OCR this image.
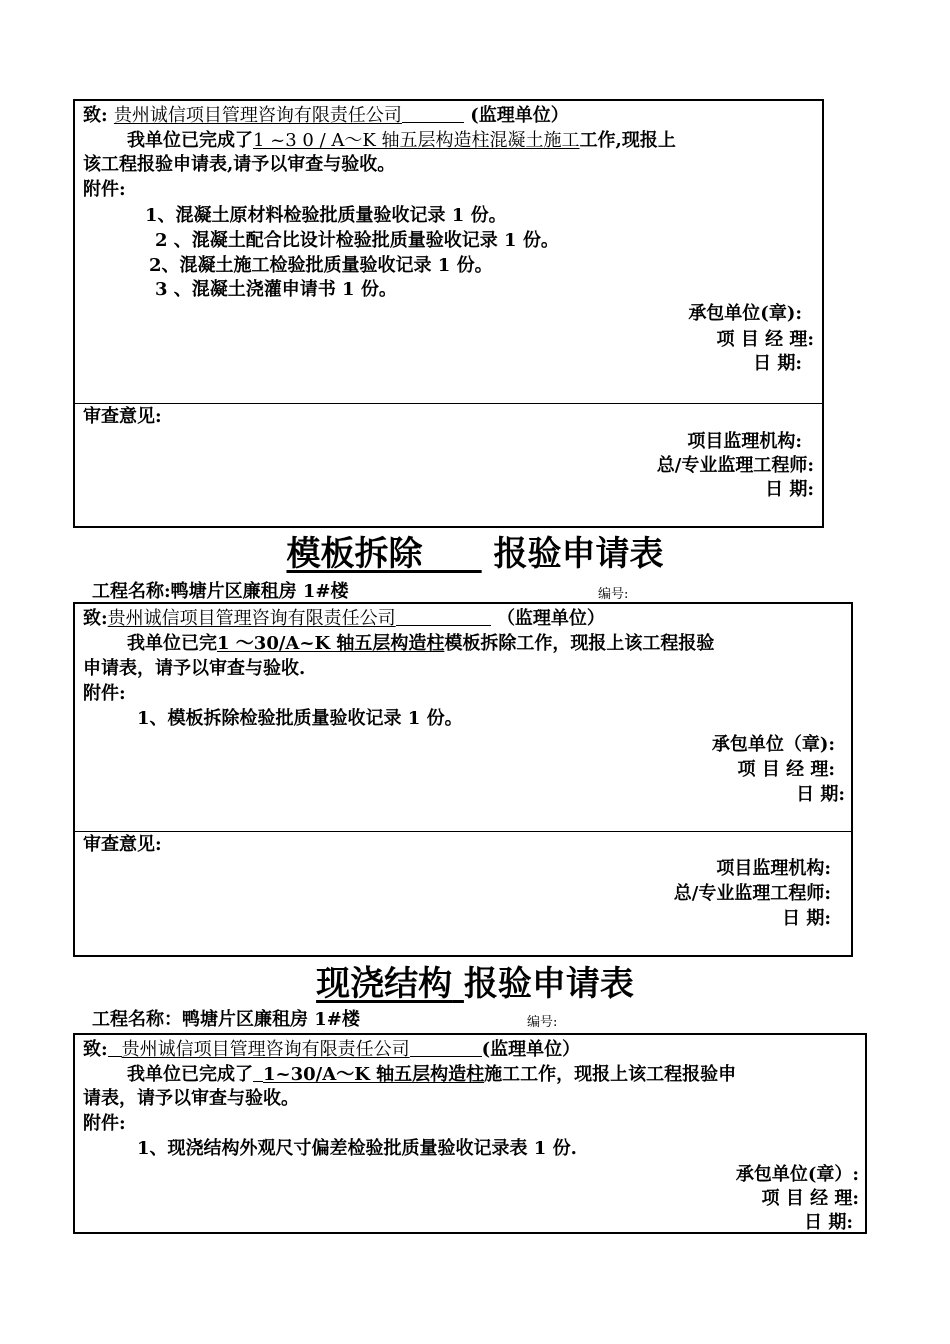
致: 贵州诚信项目管理咨询有限责任公司	(监理单位）
我单位已完成了1 ~3 0 / A～K 轴五层构造柱混凝土施工工作,现报上
该工程报验申请表,请予以审查与验收。
附件:
1、混凝土原材料检验批质量验收记录 1 份。
2 、混凝土配合比设计检验批质量验收记录 1 份。
2、混凝土施工检验批质量验收记录 1 份。
3 、混凝土浇灌申请书 1 份。
承包单位(章):
项 目 经 理:
日 期:
审查意见:
项目监理机构:
总/专业监理工程师:
日 期:
模板拆除 报验申请表
工程名称:鸭塘片区廉租房 1#楼	编号:
致:贵州诚信项目管理咨询有限责任公司	（监理单位）
我单位已完1 ～30/A~K 轴五层构造柱模板拆除工作，现报上该工程报验
申请表，请予以审查与验收.
附件:
1、模板拆除检验批质量验收记录 1 份。
承包单位（章):
项 目 经 理:
日 期:
审查意见:
项目监理机构:
总/专业监理工程师:
日 期:
现浇结构 报验申请表
工程名称：鸭塘片区廉租房 1#楼	编号:
致: 贵州诚信项目管理咨询有限责任公司	(监理单位）
我单位已完成了 1~30/A～K 轴五层构造柱施工工作，现报上该工程报验申
请表，请予以审查与验收。
附件:
1、现浇结构外观尺寸偏差检验批质量验收记录表 1 份.
承包单位(章）:
项 目 经 理:
日 期:
